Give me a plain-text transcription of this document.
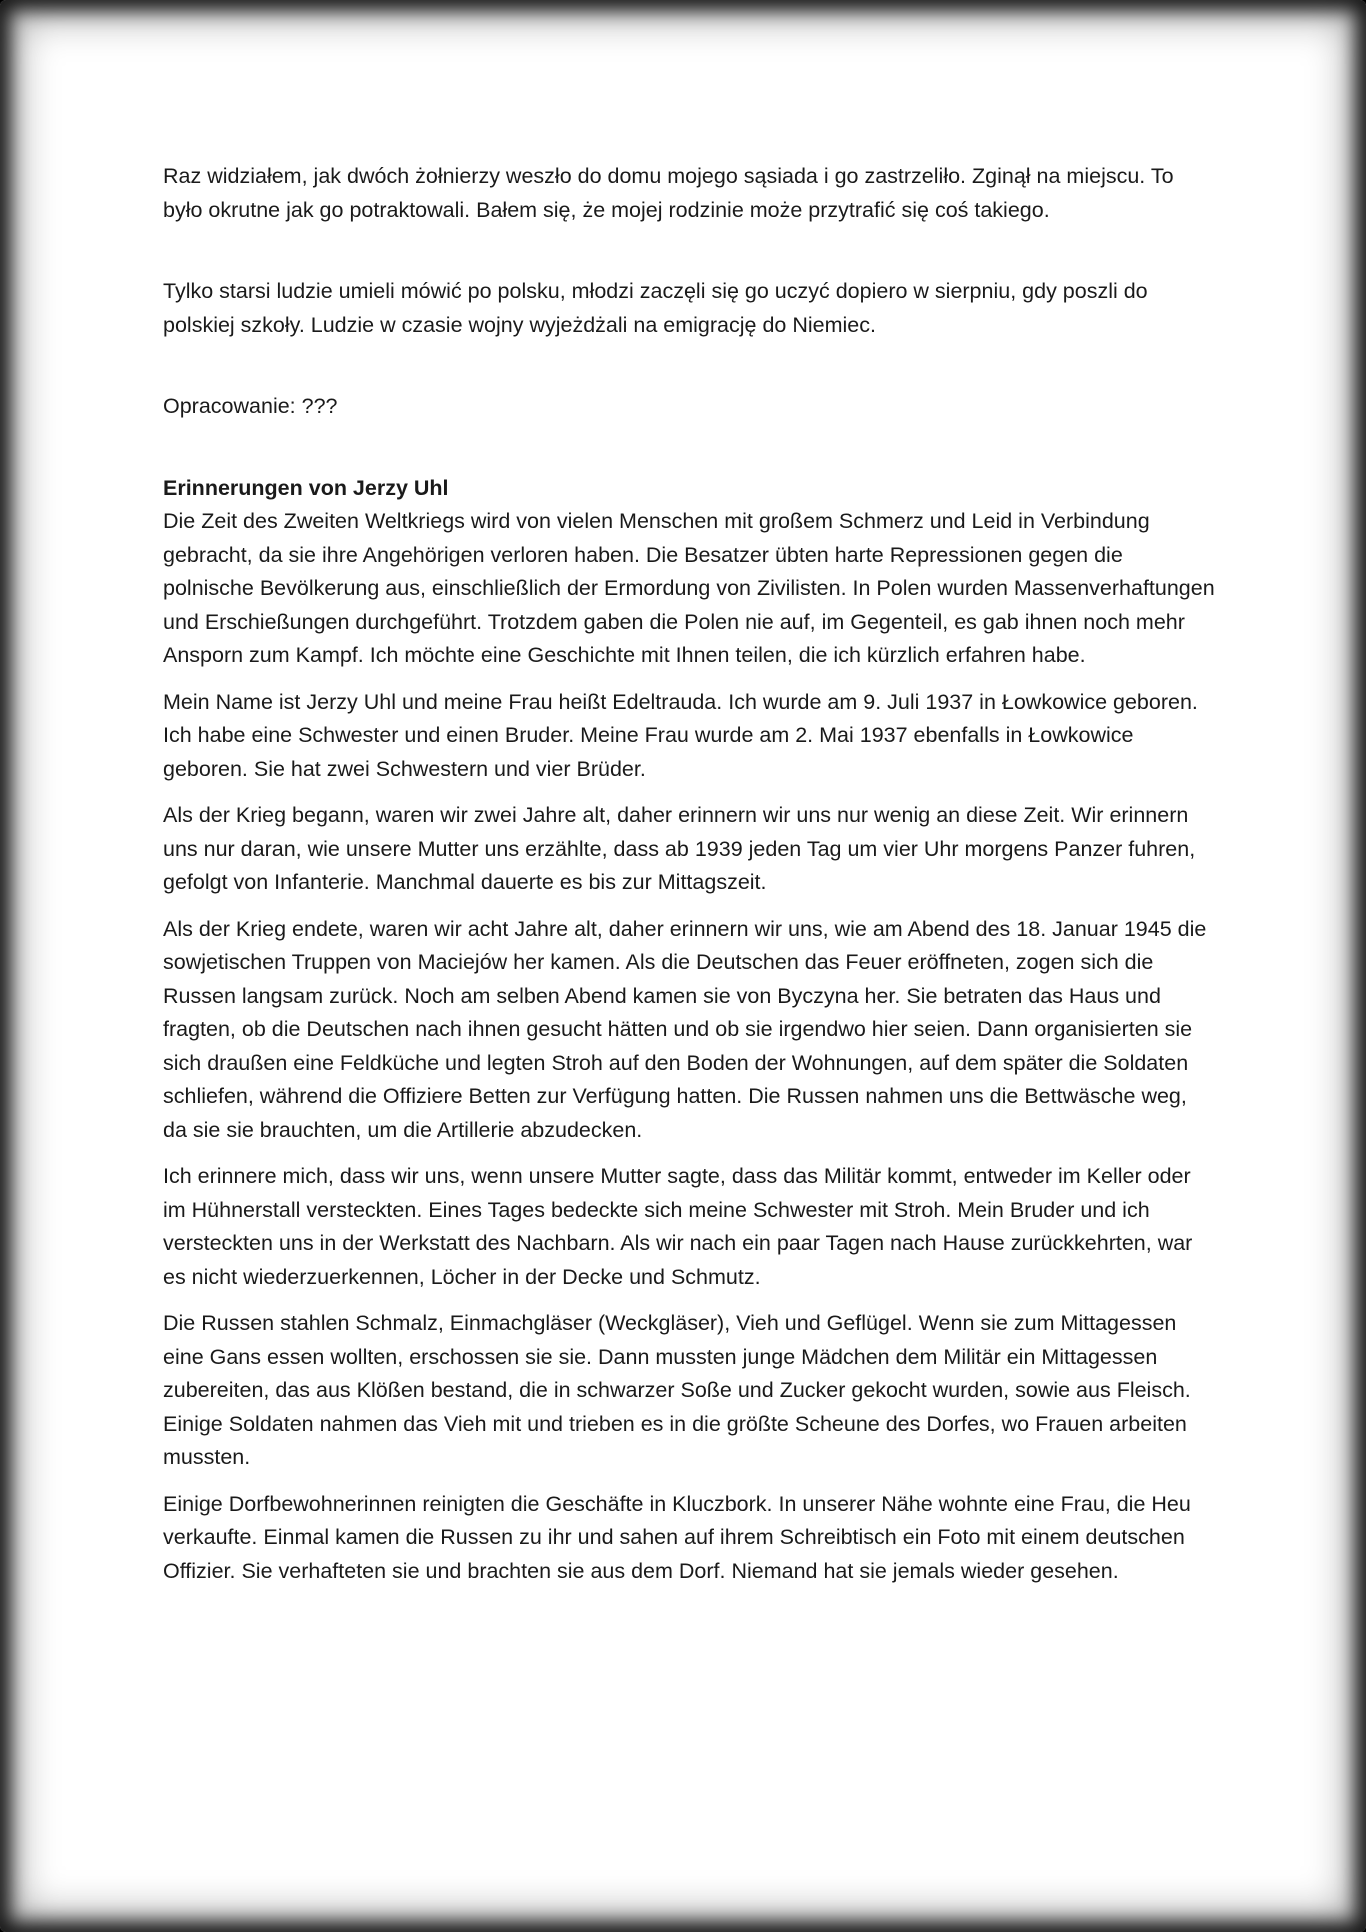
Raz widziałem, jak dwóch żołnierzy weszło do domu mojego sąsiada i go zastrzeliło. Zginął na miejscu. To było okrutne jak go potraktowali. Bałem się, że mojej rodzinie może przytrafić się coś takiego.

Tylko starsi ludzie umieli mówić po polsku, młodzi zaczęli się go uczyć dopiero w sierpniu, gdy poszli do polskiej szkoły. Ludzie w czasie wojny wyjeżdżali na emigrację do Niemiec.

Opracowanie: ???

Erinnerungen von Jerzy Uhl

Die Zeit des Zweiten Weltkriegs wird von vielen Menschen mit großem Schmerz und Leid in Verbindung gebracht, da sie ihre Angehörigen verloren haben. Die Besatzer übten harte Repressionen gegen die polnische Bevölkerung aus, einschließlich der Ermordung von Zivilisten. In Polen wurden Massenverhaftungen und Erschießungen durchgeführt. Trotzdem gaben die Polen nie auf, im Gegenteil, es gab ihnen noch mehr Ansporn zum Kampf. Ich möchte eine Geschichte mit Ihnen teilen, die ich kürzlich erfahren habe.

Mein Name ist Jerzy Uhl und meine Frau heißt Edeltrauda. Ich wurde am 9. Juli 1937 in Łowkowice geboren. Ich habe eine Schwester und einen Bruder. Meine Frau wurde am 2. Mai 1937 ebenfalls in Łowkowice geboren. Sie hat zwei Schwestern und vier Brüder.

Als der Krieg begann, waren wir zwei Jahre alt, daher erinnern wir uns nur wenig an diese Zeit. Wir erinnern uns nur daran, wie unsere Mutter uns erzählte, dass ab 1939 jeden Tag um vier Uhr morgens Panzer fuhren, gefolgt von Infanterie. Manchmal dauerte es bis zur Mittagszeit.

Als der Krieg endete, waren wir acht Jahre alt, daher erinnern wir uns, wie am Abend des 18. Januar 1945 die sowjetischen Truppen von Maciejów her kamen. Als die Deutschen das Feuer eröffneten, zogen sich die Russen langsam zurück. Noch am selben Abend kamen sie von Byczyna her. Sie betraten das Haus und fragten, ob die Deutschen nach ihnen gesucht hätten und ob sie irgendwo hier seien. Dann organisierten sie sich draußen eine Feldküche und legten Stroh auf den Boden der Wohnungen, auf dem später die Soldaten schliefen, während die Offiziere Betten zur Verfügung hatten. Die Russen nahmen uns die Bettwäsche weg, da sie sie brauchten, um die Artillerie abzudecken.

Ich erinnere mich, dass wir uns, wenn unsere Mutter sagte, dass das Militär kommt, entweder im Keller oder im Hühnerstall versteckten. Eines Tages bedeckte sich meine Schwester mit Stroh. Mein Bruder und ich versteckten uns in der Werkstatt des Nachbarn. Als wir nach ein paar Tagen nach Hause zurückkehrten, war es nicht wiederzuerkennen, Löcher in der Decke und Schmutz.

Die Russen stahlen Schmalz, Einmachgläser (Weckgläser), Vieh und Geflügel. Wenn sie zum Mittagessen eine Gans essen wollten, erschossen sie sie. Dann mussten junge Mädchen dem Militär ein Mittagessen zubereiten, das aus Klößen bestand, die in schwarzer Soße und Zucker gekocht wurden, sowie aus Fleisch. Einige Soldaten nahmen das Vieh mit und trieben es in die größte Scheune des Dorfes, wo Frauen arbeiten mussten.

Einige Dorfbewohnerinnen reinigten die Geschäfte in Kluczbork. In unserer Nähe wohnte eine Frau, die Heu verkaufte. Einmal kamen die Russen zu ihr und sahen auf ihrem Schreibtisch ein Foto mit einem deutschen Offizier. Sie verhafteten sie und brachten sie aus dem Dorf. Niemand hat sie jemals wieder gesehen.
